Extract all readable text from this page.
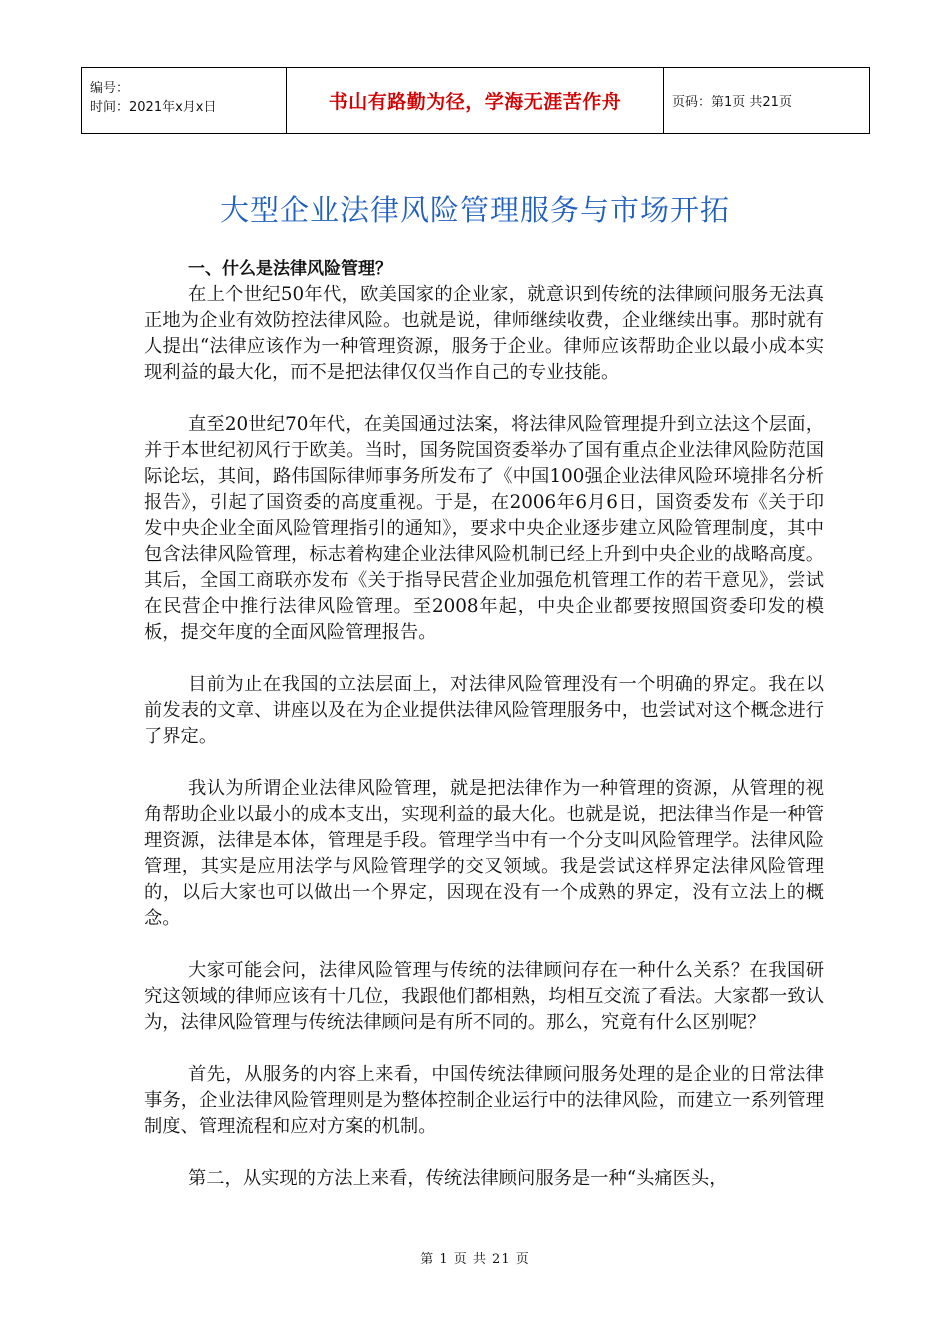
编号：
时间：2021年x月x日	书山有路勤为径，学海无涯苦作舟	页码：第1页 共21页
大型企业法律风险管理服务与市场开拓
一、什么是法律风险管理？

在上个世纪50年代，欧美国家的企业家，就意识到传统的法律顾问服务无法真正地为企业有效防控法律风险。也就是说，律师继续收费，企业继续出事。那时就有人提出“法律应该作为一种管理资源，服务于企业。律师应该帮助企业以最小成本实现利益的最大化，而不是把法律仅仅当作自己的专业技能。

直至20世纪70年代，在美国通过法案，将法律风险管理提升到立法这个层面，并于本世纪初风行于欧美。当时，国务院国资委举办了国有重点企业法律风险防范国际论坛，其间，路伟国际律师事务所发布了《中国100强企业法律风险环境排名分析报告》，引起了国资委的高度重视。于是，在2006年6月6日，国资委发布《关于印发中央企业全面风险管理指引的通知》，要求中央企业逐步建立风险管理制度，其中包含法律风险管理，标志着构建企业法律风险机制已经上升到中央企业的战略高度。其后，全国工商联亦发布《关于指导民营企业加强危机管理工作的若干意见》，尝试在民营企中推行法律风险管理。至2008年起，中央企业都要按照国资委印发的模板，提交年度的全面风险管理报告。

目前为止在我国的立法层面上，对法律风险管理没有一个明确的界定。我在以前发表的文章、讲座以及在为企业提供法律风险管理服务中，也尝试对这个概念进行了界定。

我认为所谓企业法律风险管理，就是把法律作为一种管理的资源，从管理的视角帮助企业以最小的成本支出，实现利益的最大化。也就是说，把法律当作是一种管理资源，法律是本体，管理是手段。管理学当中有一个分支叫风险管理学。法律风险管理，其实是应用法学与风险管理学的交叉领域。我是尝试这样界定法律风险管理的，以后大家也可以做出一个界定，因现在没有一个成熟的界定，没有立法上的概念。

大家可能会问，法律风险管理与传统的法律顾问存在一种什么关系？在我国研究这领域的律师应该有十几位，我跟他们都相熟，均相互交流了看法。大家都一致认为，法律风险管理与传统法律顾问是有所不同的。那么，究竟有什么区别呢？

首先，从服务的内容上来看，中国传统法律顾问服务处理的是企业的日常法律事务，企业法律风险管理则是为整体控制企业运行中的法律风险，而建立一系列管理制度、管理流程和应对方案的机制。

第二，从实现的方法上来看，传统法律顾问服务是一种“头痛医头，

第 1 页 共 21 页
